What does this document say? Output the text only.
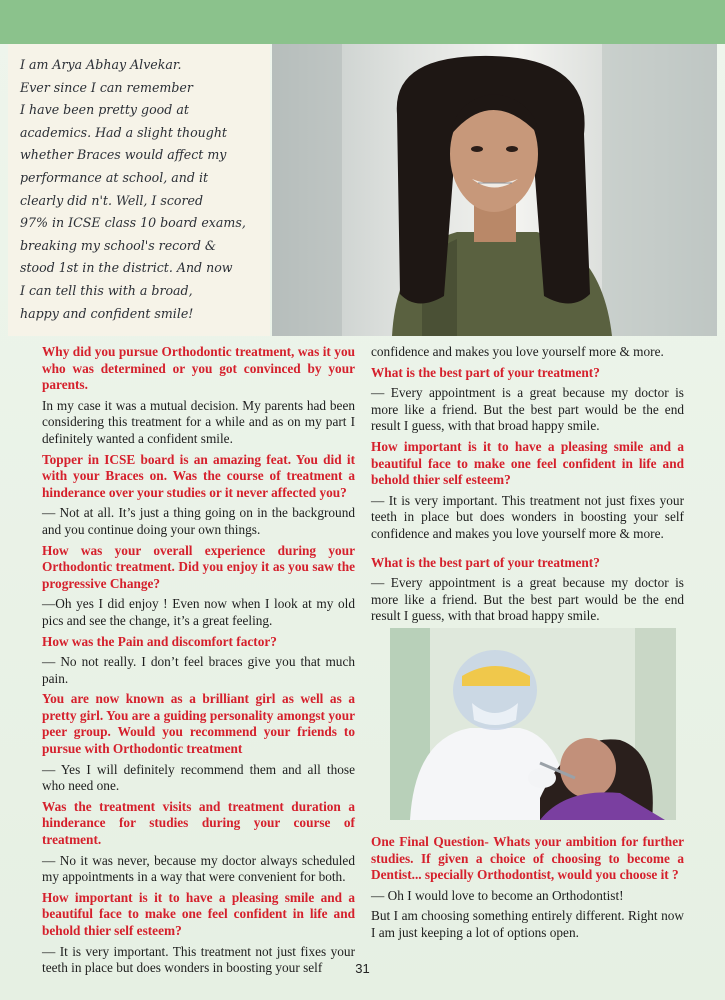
I am Arya Abhay Alvekar.
Ever since I can remember
I have been pretty good at
academics. Had a slight thought
whether Braces would affect my
performance at school, and it
clearly did n't. Well, I scored
97% in ICSE class 10 board exams,
breaking my school's record &
stood 1st in the district. And now
I can tell this with a broad,
happy and confident smile!
Why did you pursue Orthodontic treatment, was it you who was determined or you got convinced by your parents.
In my case it was a mutual decision. My parents had been considering this treatment for a while and as on my part I definitely wanted a confident smile.
Topper in ICSE board is an amazing feat. You did it with your Braces on. Was the course of treatment a hinderance over your studies or it never affected you?
— Not at all. It’s just a thing going on in the background and you continue doing your own things.
How was your overall experience during your Orthodontic treatment. Did you enjoy it as you saw the progressive Change?
—Oh yes I did enjoy ! Even now when I look at my old pics and see the change, it’s a great feeling.
How was the Pain and discomfort factor?
— No not really. I don’t feel braces give you that much pain.
You are now known as a brilliant girl as well as a pretty girl. You are a guiding personality amongst your peer group. Would you recommend your friends to pursue with Orthodontic treatment
— Yes I will definitely recommend them and all those who need one.
Was the treatment visits and treatment duration a hinderance for studies during your course of treatment.
— No it was never, because my doctor always scheduled my appointments in a way that were convenient for both.
How important is it to have a pleasing smile and a beautiful face to make one feel confident in life and behold thier self esteem?
— It is very important. This treatment not just fixes your teeth in place but does wonders in boosting your self
confidence and makes you love yourself more & more.
What is the best part of your treatment?
— Every appointment is a great because my doctor is more like a friend. But the best part would be the end result I guess, with that broad happy smile.
How important is it to have a pleasing smile and a beautiful face to make one feel confident in life and behold thier self esteem?
— It is very important. This treatment not just fixes your teeth in place but does wonders in boosting your self confidence and makes you love yourself more & more.
What is the best part of your treatment?
— Every appointment is a great because my doctor is more like a friend. But the best part would be the end result I guess, with that broad happy smile.
One Final Question- Whats your ambition for further studies. If given a choice of choosing to become a Dentist... specially Orthodontist, would you choose it ?
— Oh I would love to become an Orthodontist!
But I am choosing something entirely different. Right now I am just keeping a lot of options open.
31
